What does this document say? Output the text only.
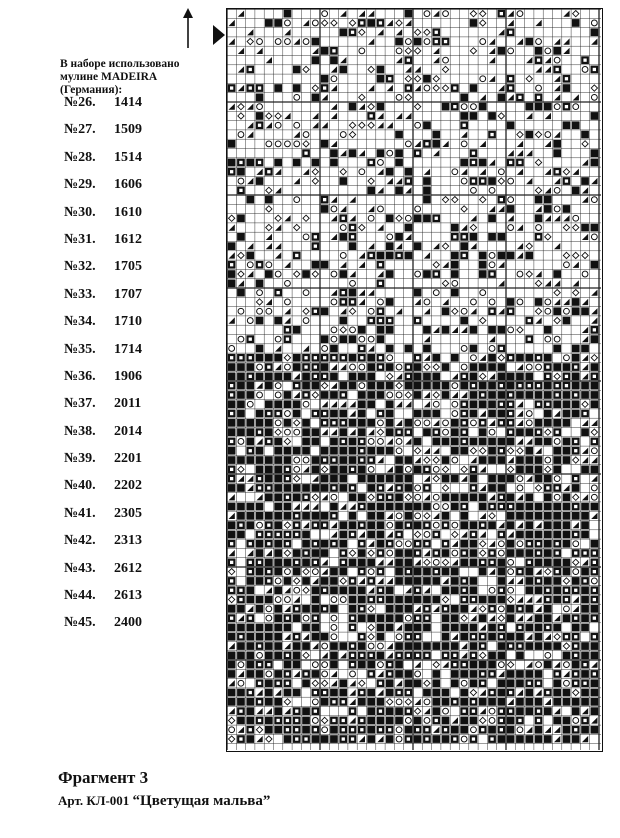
В наборе использовано
мулине MADEIRA (Германия):
№26.	1414
№27.	1509
№28.	1514
№29.	1606
№30.	1610
№31.	1612
№32.	1705
№33.	1707
№34.	1710
№35.	1714
№36.	1906
№37.	2011
№38.	2014
№39.	2201
№40.	2202
№41.	2305
№42.	2313
№43.	2612
№44.	2613
№45.	2400
Фрагмент 3
Арт. КЛ-001 “Цветущая мальва”
